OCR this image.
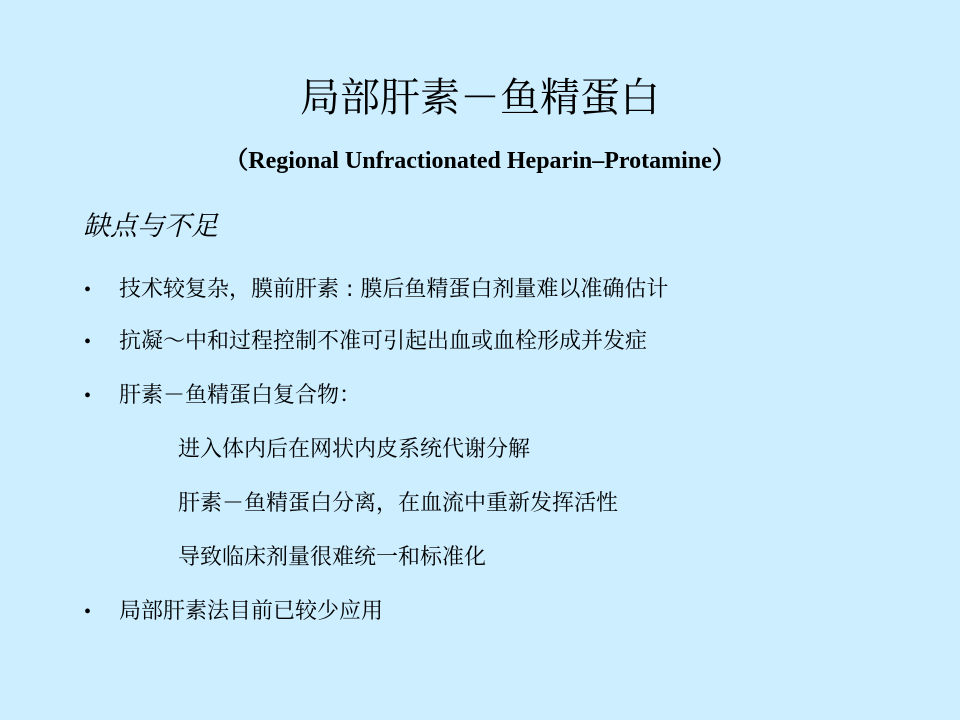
局部肝素－鱼精蛋白
（Regional Unfractionated Heparin–Protamine）
缺点与不足
• 技术较复杂，膜前肝素 : 膜后鱼精蛋白剂量难以准确估计
• 抗凝～中和过程控制不准可引起出血或血栓形成并发症
• 肝素－鱼精蛋白复合物：
进入体内后在网状内皮系统代谢分解
肝素－鱼精蛋白分离，在血流中重新发挥活性
导致临床剂量很难统一和标准化
• 局部肝素法目前已较少应用
